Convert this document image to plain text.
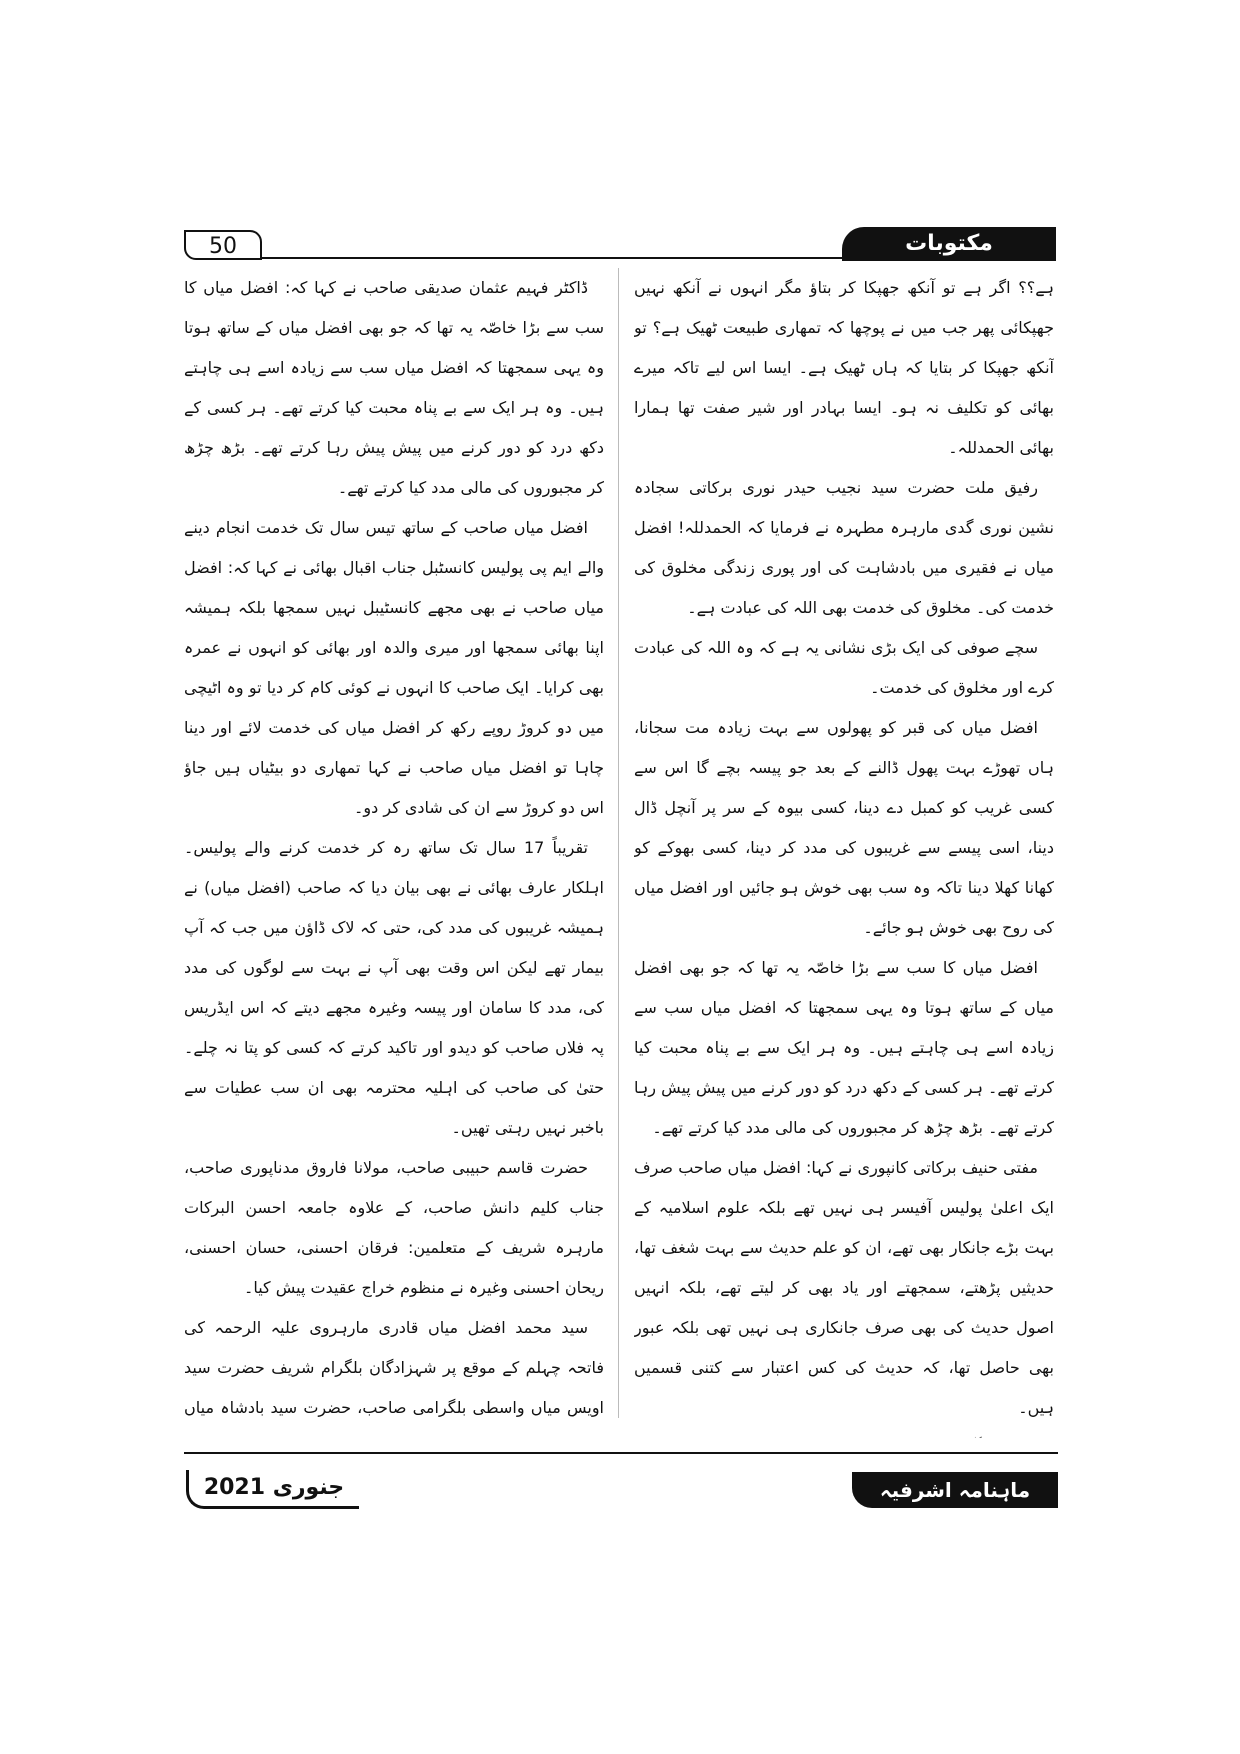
50	مکتوبات

ہے؟؟ اگر ہے تو آنکھ جھپکا کر بتاؤ مگر انہوں نے آنکھ نہیں جھپکائی پھر جب میں نے پوچھا کہ تمھاری طبیعت ٹھیک ہے؟ تو آنکھ جھپکا کر بتایا کہ ہاں ٹھیک ہے۔ ایسا اس لیے تاکہ میرے بھائی کو تکلیف نہ ہو۔ ایسا بہادر اور شیر صفت تھا ہمارا بھائی الحمدللہ۔

رفیق ملت حضرت سید نجیب حیدر نوری برکاتی سجادہ نشین نوری گدی مارہرہ مطہرہ نے فرمایا کہ الحمدللہ! افضل میاں نے فقیری میں بادشاہت کی اور پوری زندگی مخلوق کی خدمت کی۔ مخلوق کی خدمت بھی اللہ کی عبادت ہے۔

سچے صوفی کی ایک بڑی نشانی یہ ہے کہ وہ اللہ کی عبادت کرے اور مخلوق کی خدمت۔

افضل میاں کی قبر کو پھولوں سے بہت زیادہ مت سجانا، ہاں تھوڑے بہت پھول ڈالنے کے بعد جو پیسہ بچے گا اس سے کسی غریب کو کمبل دے دینا، کسی بیوہ کے سر پر آنچل ڈال دینا، اسی پیسے سے غریبوں کی مدد کر دینا، کسی بھوکے کو کھانا کھلا دینا تاکہ وہ سب بھی خوش ہو جائیں اور افضل میاں کی روح بھی خوش ہو جائے۔

افضل میاں کا سب سے بڑا خاصّہ یہ تھا کہ جو بھی افضل میاں کے ساتھ ہوتا وہ یہی سمجھتا کہ افضل میاں سب سے زیادہ اسے ہی چاہتے ہیں۔ وہ ہر ایک سے بے پناہ محبت کیا کرتے تھے۔ ہر کسی کے دکھ درد کو دور کرنے میں پیش پیش رہا کرتے تھے۔ بڑھ چڑھ کر مجبوروں کی مالی مدد کیا کرتے تھے۔

مفتی حنیف برکاتی کانپوری نے کہا: افضل میاں صاحب صرف ایک اعلیٰ پولیس آفیسر ہی نہیں تھے بلکہ علوم اسلامیہ کے بہت بڑے جانکار بھی تھے، ان کو علم حدیث سے بہت شغف تھا، حدیثیں پڑھتے، سمجھتے اور یاد بھی کر لیتے تھے، بلکہ انہیں اصول حدیث کی بھی صرف جانکاری ہی نہیں تھی بلکہ عبور بھی حاصل تھا، کہ حدیث کی کس اعتبار سے کتنی قسمیں ہیں۔

ڈاکٹر فہیم عثمان صدیقی صاحب نے کہا کہ: افضل میاں کا سب سے بڑا خاصّہ یہ تھا کہ جو بھی افضل میاں کے ساتھ ہوتا وہ یہی سمجھتا کہ افضل میاں سب سے زیادہ اسے ہی چاہتے ہیں۔ وہ ہر ایک سے بے پناہ محبت کیا کرتے تھے۔ ہر کسی کے دکھ درد کو دور کرنے میں پیش پیش رہا کرتے تھے۔ بڑھ چڑھ کر مجبوروں کی مالی مدد کیا کرتے تھے۔

افضل میاں صاحب کے ساتھ تیس سال تک خدمت انجام دینے والے ایم پی پولیس کانسٹبل جناب اقبال بھائی نے کہا کہ: افضل میاں صاحب نے بھی مجھے کانسٹیبل نہیں سمجھا بلکہ ہمیشہ اپنا بھائی سمجھا اور میری والدہ اور بھائی کو انہوں نے عمرہ بھی کرایا۔ ایک صاحب کا انہوں نے کوئی کام کر دیا تو وہ اٹیچی میں دو کروڑ روپے رکھ کر افضل میاں کی خدمت لائے اور دینا چاہا تو افضل میاں صاحب نے کہا تمھاری دو بیٹیاں ہیں جاؤ اس دو کروڑ سے ان کی شادی کر دو۔

تقریباً 17 سال تک ساتھ رہ کر خدمت کرنے والے پولیس۔ اہلکار عارف بھائی نے بھی بیان دیا کہ صاحب (افضل میاں) نے ہمیشہ غریبوں کی مدد کی، حتی کہ لاک ڈاؤن میں جب کہ آپ بیمار تھے لیکن اس وقت بھی آپ نے بہت سے لوگوں کی مدد کی، مدد کا سامان اور پیسہ وغیرہ مجھے دیتے کہ اس ایڈریس پہ فلاں صاحب کو دیدو اور تاکید کرتے کہ کسی کو پتا نہ چلے۔ حتیٰ کی صاحب کی اہلیہ محترمہ بھی ان سب عطیات سے باخبر نہیں رہتی تھیں۔

حضرت قاسم حبیبی صاحب، مولانا فاروق مدناپوری صاحب، جناب کلیم دانش صاحب، کے علاوہ جامعہ احسن البرکات مارہرہ شریف کے متعلمین: فرقان احسنی، حسان احسنی، ریحان احسنی وغیرہ نے منظوم خراج عقیدت پیش کیا۔

سید محمد افضل میاں قادری مارہروی علیہ الرحمہ کی فاتحہ چہلم کے موقع پر شہزادگان بلگرام شریف حضرت سید اویس میاں واسطی بلگرامی صاحب، حضرت سید بادشاہ میاں

جنوری 2021	ماہنامہ اشرفیہ
